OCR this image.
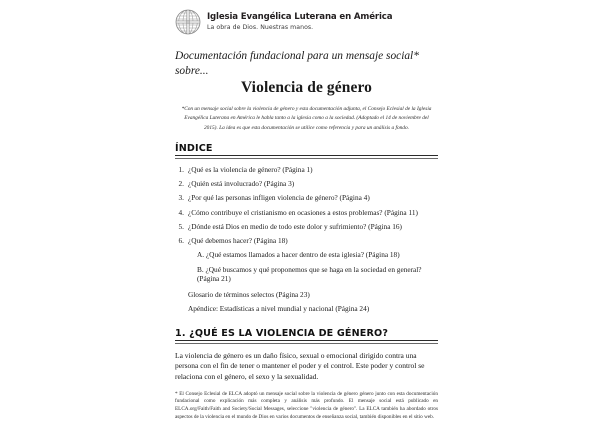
Iglesia Evangélica Luterana en América
La obra de Dios. Nuestras manos.
Documentación fundacional para un mensaje social* sobre...
Violencia de género
*Con un mensaje social sobre la violencia de género y esta documentación adjunta, el Consejo Eclesial de la Iglesia Evangélica Luterana en América le habla tanto a la iglesia como a la sociedad. (Adoptado el 14 de noviembre del 2015). La idea es que esta documentación se utilice como referencia y para un análisis a fondo.
ÍNDICE
1. ¿Qué es la violencia de género? (Página 1)
2. ¿Quién está involucrado? (Página 3)
3. ¿Por qué las personas infligen violencia de género? (Página 4)
4. ¿Cómo contribuye el cristianismo en ocasiones a estos problemas? (Página 11)
5. ¿Dónde está Dios en medio de todo este dolor y sufrimiento? (Página 16)
6. ¿Qué debemos hacer? (Página 18)
A. ¿Qué estamos llamados a hacer dentro de esta iglesia? (Página 18)
B. ¿Qué buscamos y qué proponemos que se haga en la sociedad en general? (Página 21)
Glosario de términos selectos (Página 23)
Apéndice: Estadísticas a nivel mundial y nacional (Página 24)
1. ¿QUÉ ES LA VIOLENCIA DE GÉNERO?

La violencia de género es un daño físico, sexual o emocional dirigido contra una persona con el fin de tener o mantener el poder y el control. Este poder y control se relaciona con el género, el sexo y la sexualidad.

* El Consejo Eclesial de ELCA adoptó un mensaje social sobre la violencia de género género junto con esta documentación fundacional como explicación más completa y análisis más profundo. El mensaje social está publicado en ELCA.org/Faith/Faith and Society/Social Messages, seleccione "violencia de género". La ELCA también ha abordado otros aspectos de la violencia en el mundo de Dios en varios documentos de enseñanza social, también disponibles en el sitio web.
